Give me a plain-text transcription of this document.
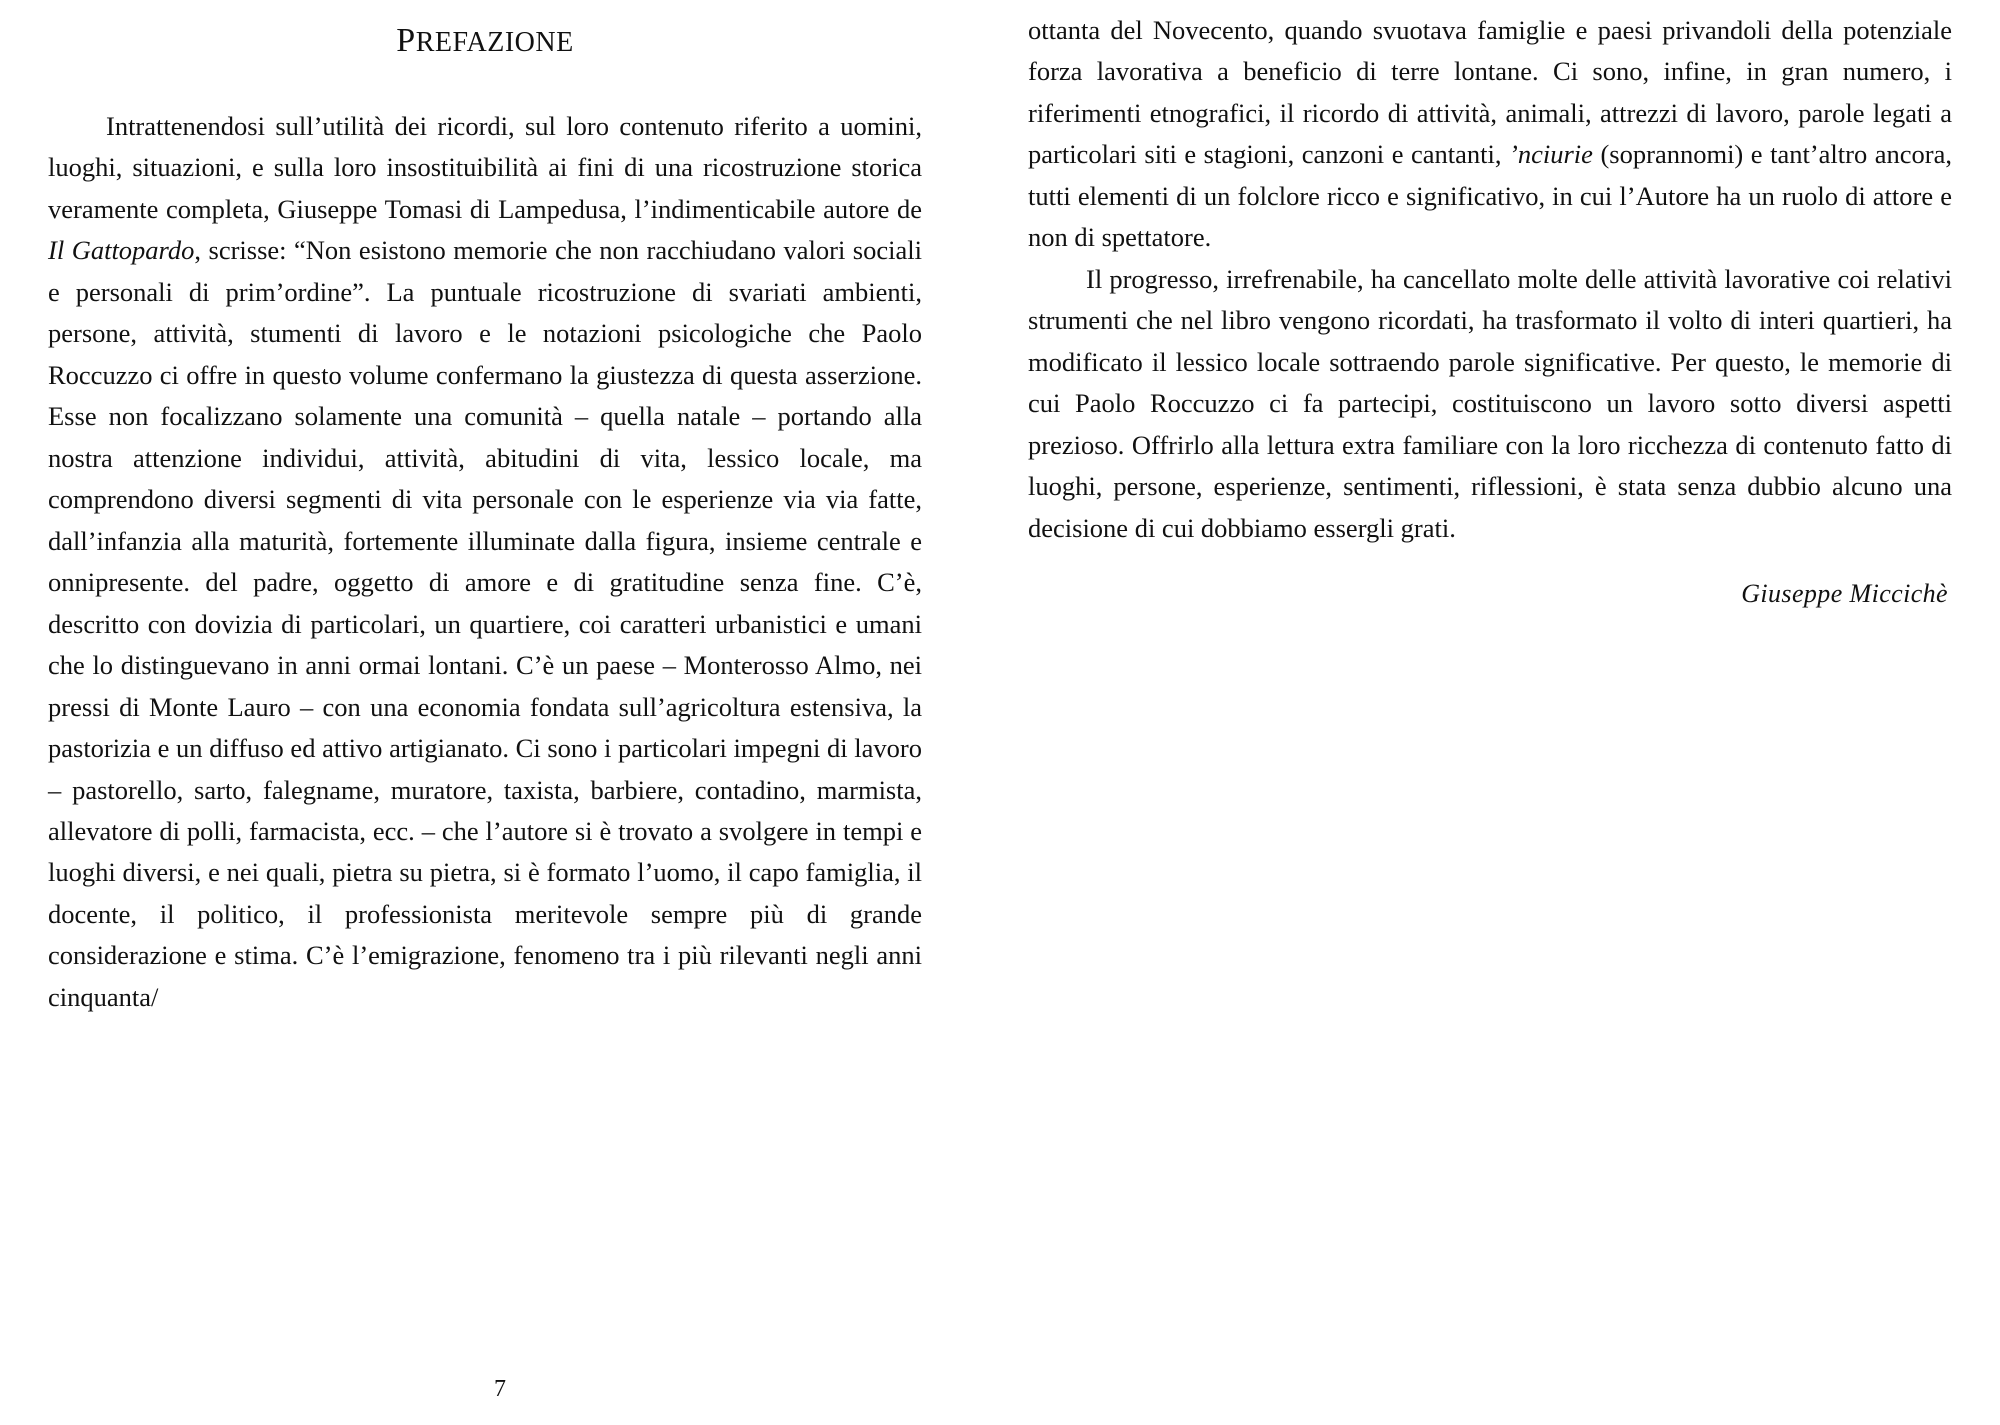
PREFAZIONE

Intrattenendosi sull’utilità dei ricordi, sul loro contenuto riferito a uomini, luoghi, situazioni, e sulla loro insostituibilità ai fini di una ricostruzione storica veramente completa, Giuseppe Tomasi di Lampedusa, l’indimenticabile autore de Il Gattopardo, scrisse: “Non esistono memorie che non racchiudano valori sociali e personali di prim’ordine”. La puntuale ricostruzione di svariati ambienti, persone, attività, stumenti di lavoro e le notazioni psicologiche che Paolo Roccuzzo ci offre in questo volume confermano la giustezza di questa asserzione. Esse non focalizzano solamente una comunità – quella natale – portando alla nostra attenzione individui, attività, abitudini di vita, lessico locale, ma comprendono diversi segmenti di vita personale con le esperienze via via fatte, dall’infanzia alla maturità, fortemente illuminate dalla figura, insieme centrale e onnipresente. del padre, oggetto di amore e di gratitudine senza fine. C’è, descritto con dovizia di particolari, un quartiere, coi caratteri urbanistici e umani che lo distinguevano in anni ormai lontani. C’è un paese – Monterosso Almo, nei pressi di Monte Lauro – con una economia fondata sull’agricoltura estensiva, la pastorizia e un diffuso ed attivo artigianato. Ci sono i particolari impegni di lavoro – pastorello, sarto, falegname, muratore, taxista, barbiere, contadino, marmista, allevatore di polli, farmacista, ecc. – che l’autore si è trovato a svolgere in tempi e luoghi diversi, e nei quali, pietra su pietra, si è formato l’uomo, il capo famiglia, il docente, il politico, il professionista meritevole sempre più di grande considerazione e stima. C’è l’emigrazione, fenomeno tra i più rilevanti negli anni cinquanta/

ottanta del Novecento, quando svuotava famiglie e paesi privandoli della potenziale forza lavorativa a beneficio di terre lontane. Ci sono, infine, in gran numero, i riferimenti etnografici, il ricordo di attività, animali, attrezzi di lavoro, parole legati a particolari siti e stagioni, canzoni e cantanti, ’nciurie (soprannomi) e tant’altro ancora, tutti elementi di un folclore ricco e significativo, in cui l’Autore ha un ruolo di attore e non di spettatore.

Il progresso, irrefrenabile, ha cancellato molte delle attività lavorative coi relativi strumenti che nel libro vengono ricordati, ha trasformato il volto di interi quartieri, ha modificato il lessico locale sottraendo parole significative. Per questo, le memorie di cui Paolo Roccuzzo ci fa partecipi, costituiscono un lavoro sotto diversi aspetti prezioso. Offrirlo alla lettura extra familiare con la loro ricchezza di contenuto fatto di luoghi, persone, esperienze, sentimenti, riflessioni, è stata senza dubbio alcuno una decisione di cui dobbiamo essergli grati.

Giuseppe Miccichè
7
